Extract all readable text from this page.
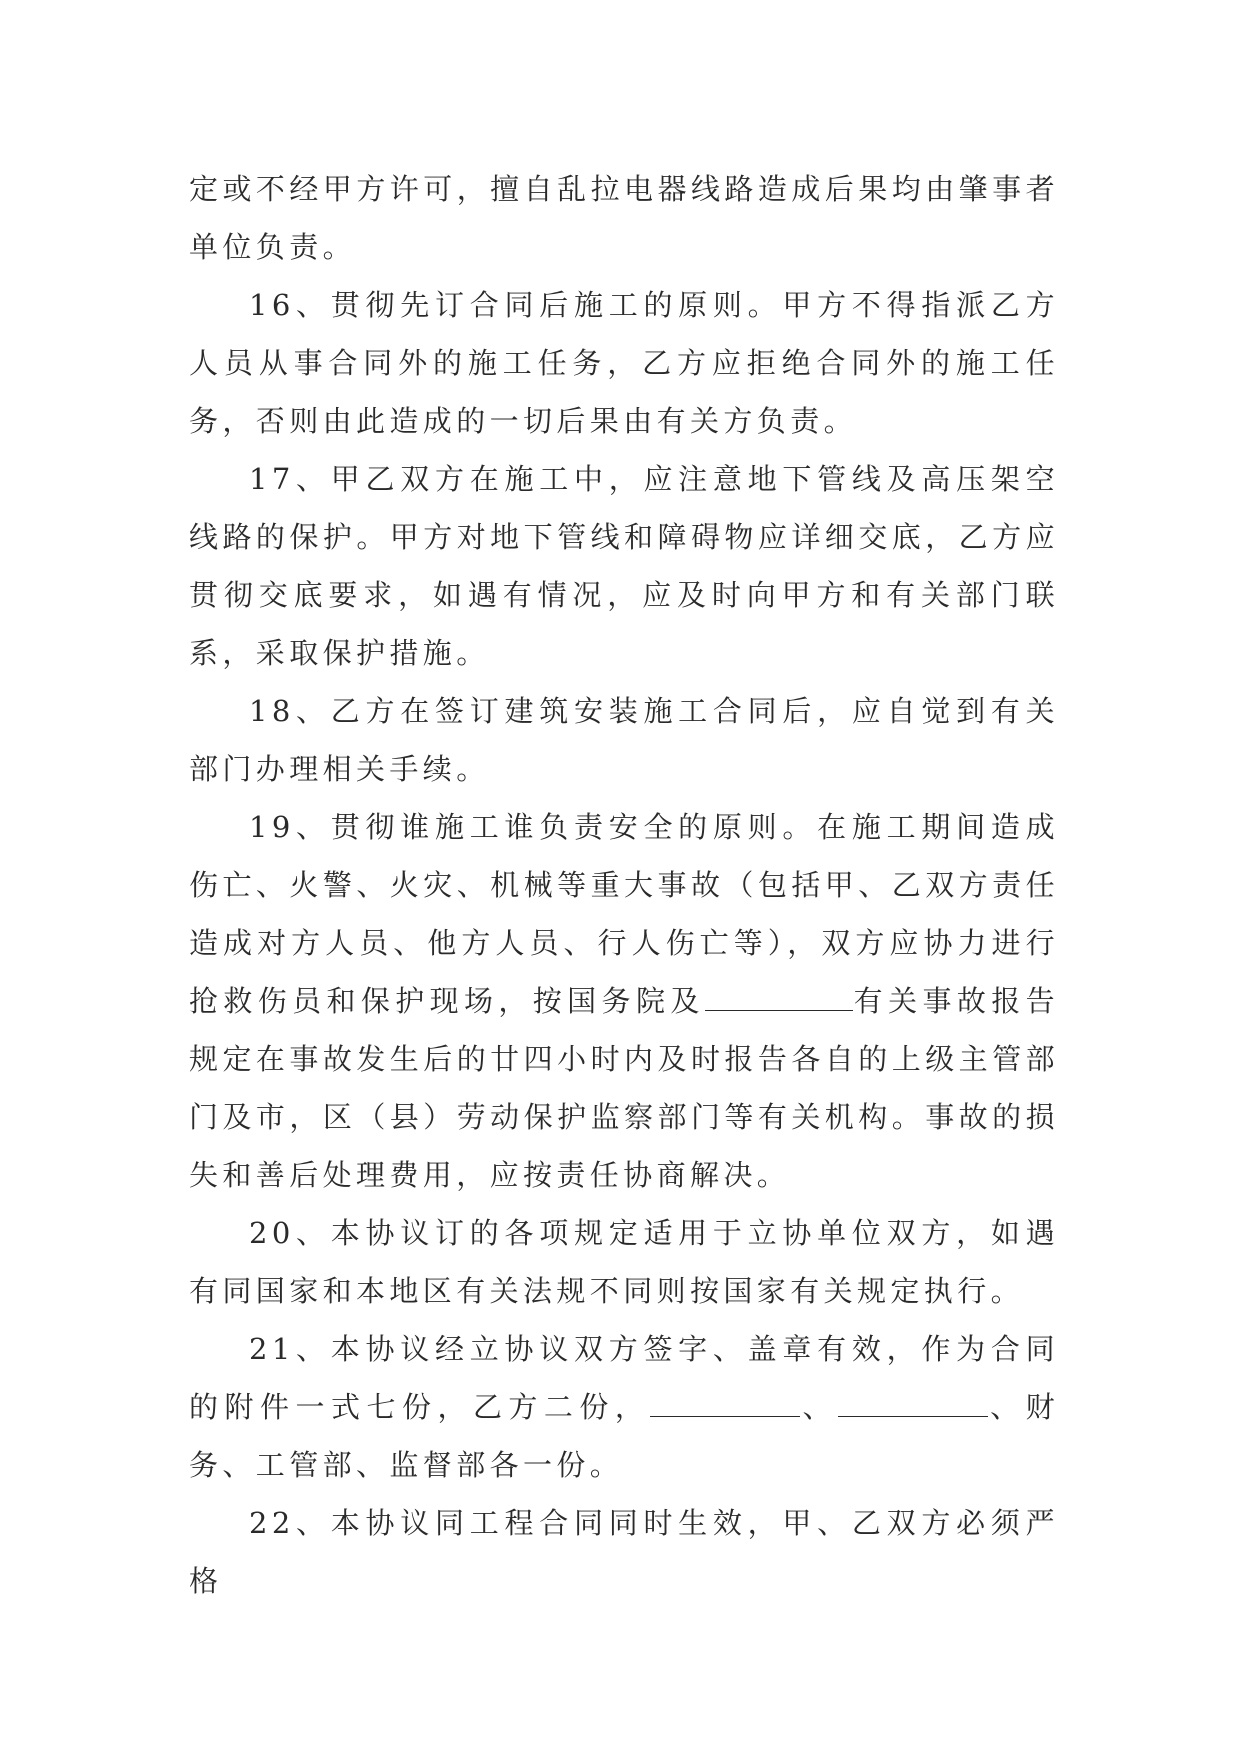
定或不经甲方许可，擅自乱拉电器线路造成后果均由肇事者单位负责。

16、贯彻先订合同后施工的原则。甲方不得指派乙方人员从事合同外的施工任务，乙方应拒绝合同外的施工任务，否则由此造成的一切后果由有关方负责。

17、甲乙双方在施工中，应注意地下管线及高压架空线路的保护。甲方对地下管线和障碍物应详细交底，乙方应贯彻交底要求，如遇有情况，应及时向甲方和有关部门联系，采取保护措施。

18、乙方在签订建筑安装施工合同后，应自觉到有关部门办理相关手续。

19、贯彻谁施工谁负责安全的原则。在施工期间造成伤亡、火警、火灾、机械等重大事故（包括甲、乙双方责任造成对方人员、他方人员、行人伤亡等），双方应协力进行抢救伤员和保护现场，按国务院及	有关事故报告规定在事故发生后的廿四小时内及时报告各自的上级主管部门及市，区（县）劳动保护监察部门等有关机构。事故的损失和善后处理费用，应按责任协商解决。

20、本协议订的各项规定适用于立协单位双方，如遇有同国家和本地区有关法规不同则按国家有关规定执行。

21、本协议经立协议双方签字、盖章有效，作为合同的附件一式七份，乙方二份，	、	、财务、工管部、监督部各一份。

22、本协议同工程合同同时生效，甲、乙双方必须严格
